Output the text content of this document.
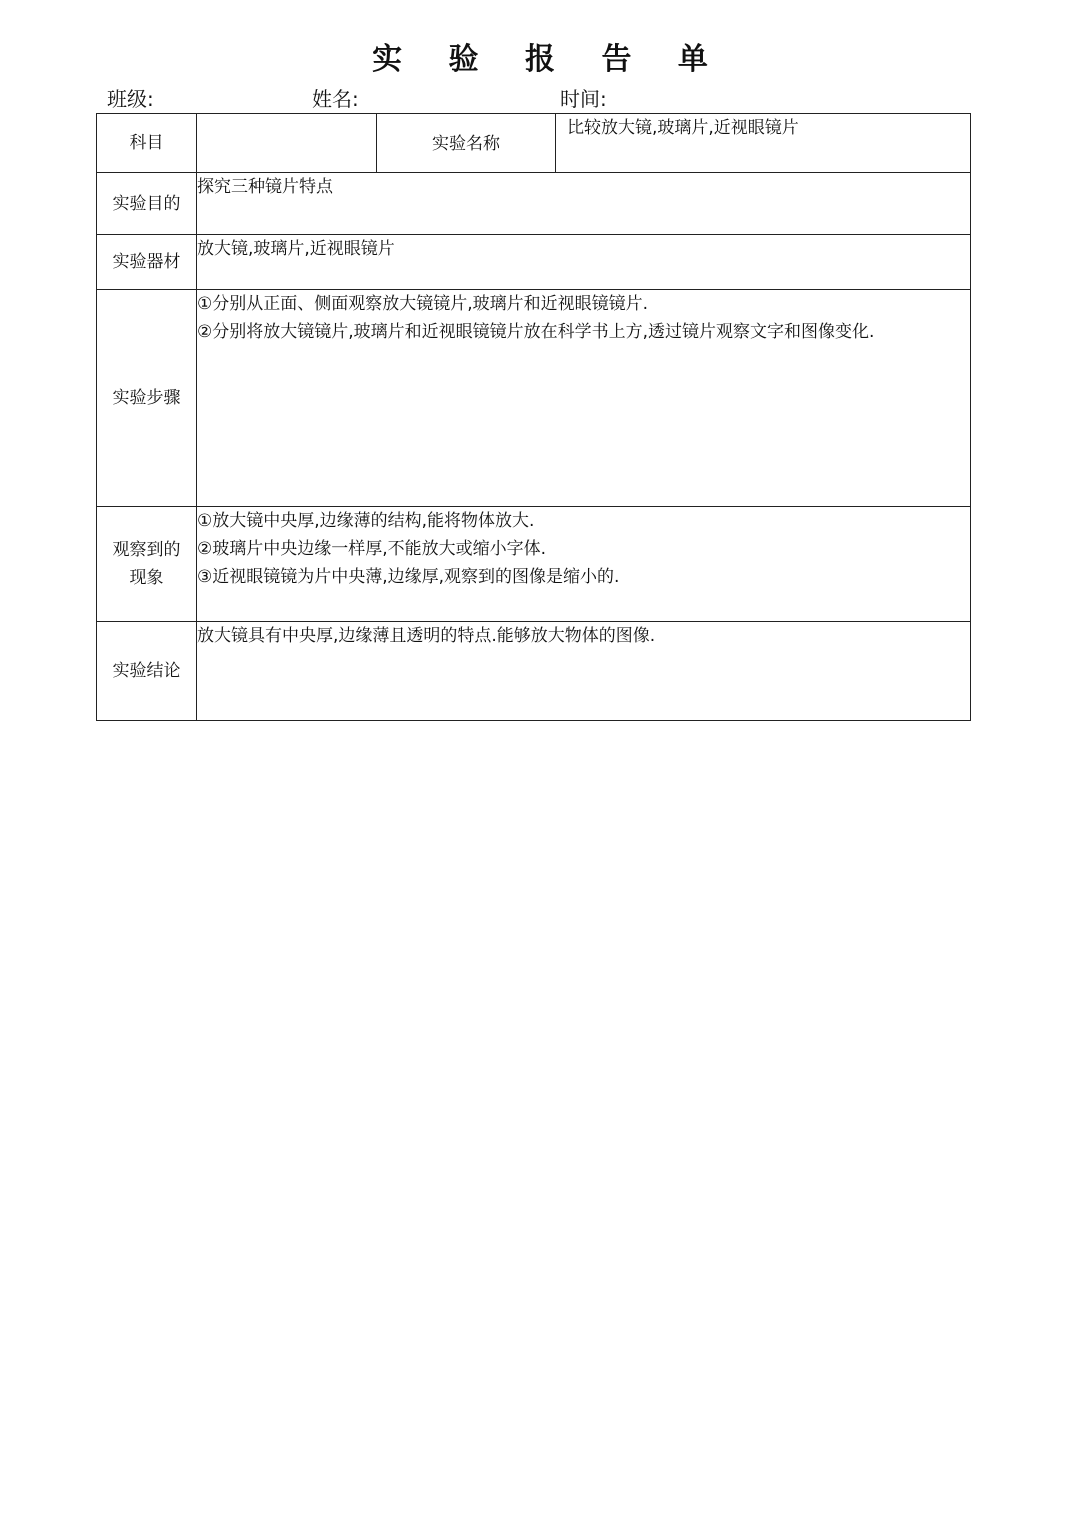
实 验 报 告 单
班级:	姓名:	时间:
科目		实验名称	比较放大镜,玻璃片,近视眼镜片
实验目的	探究三种镜片特点		
实验器材	放大镜,玻璃片,近视眼镜片		
实验步骤	①分别从正面、侧面观察放大镜镜片,玻璃片和近视眼镜镜片.
②分别将放大镜镜片,玻璃片和近视眼镜镜片放在科学书上方,透过镜片观察文字和图像变化.		

观察到的
现象	①放大镜中央厚,边缘薄的结构,能将物体放大.
②玻璃片中央边缘一样厚,不能放大或缩小字体.
③近视眼镜镜为片中央薄,边缘厚,观察到的图像是缩小的.		

实验结论	放大镜具有中央厚,边缘薄且透明的特点.能够放大物体的图像.		
